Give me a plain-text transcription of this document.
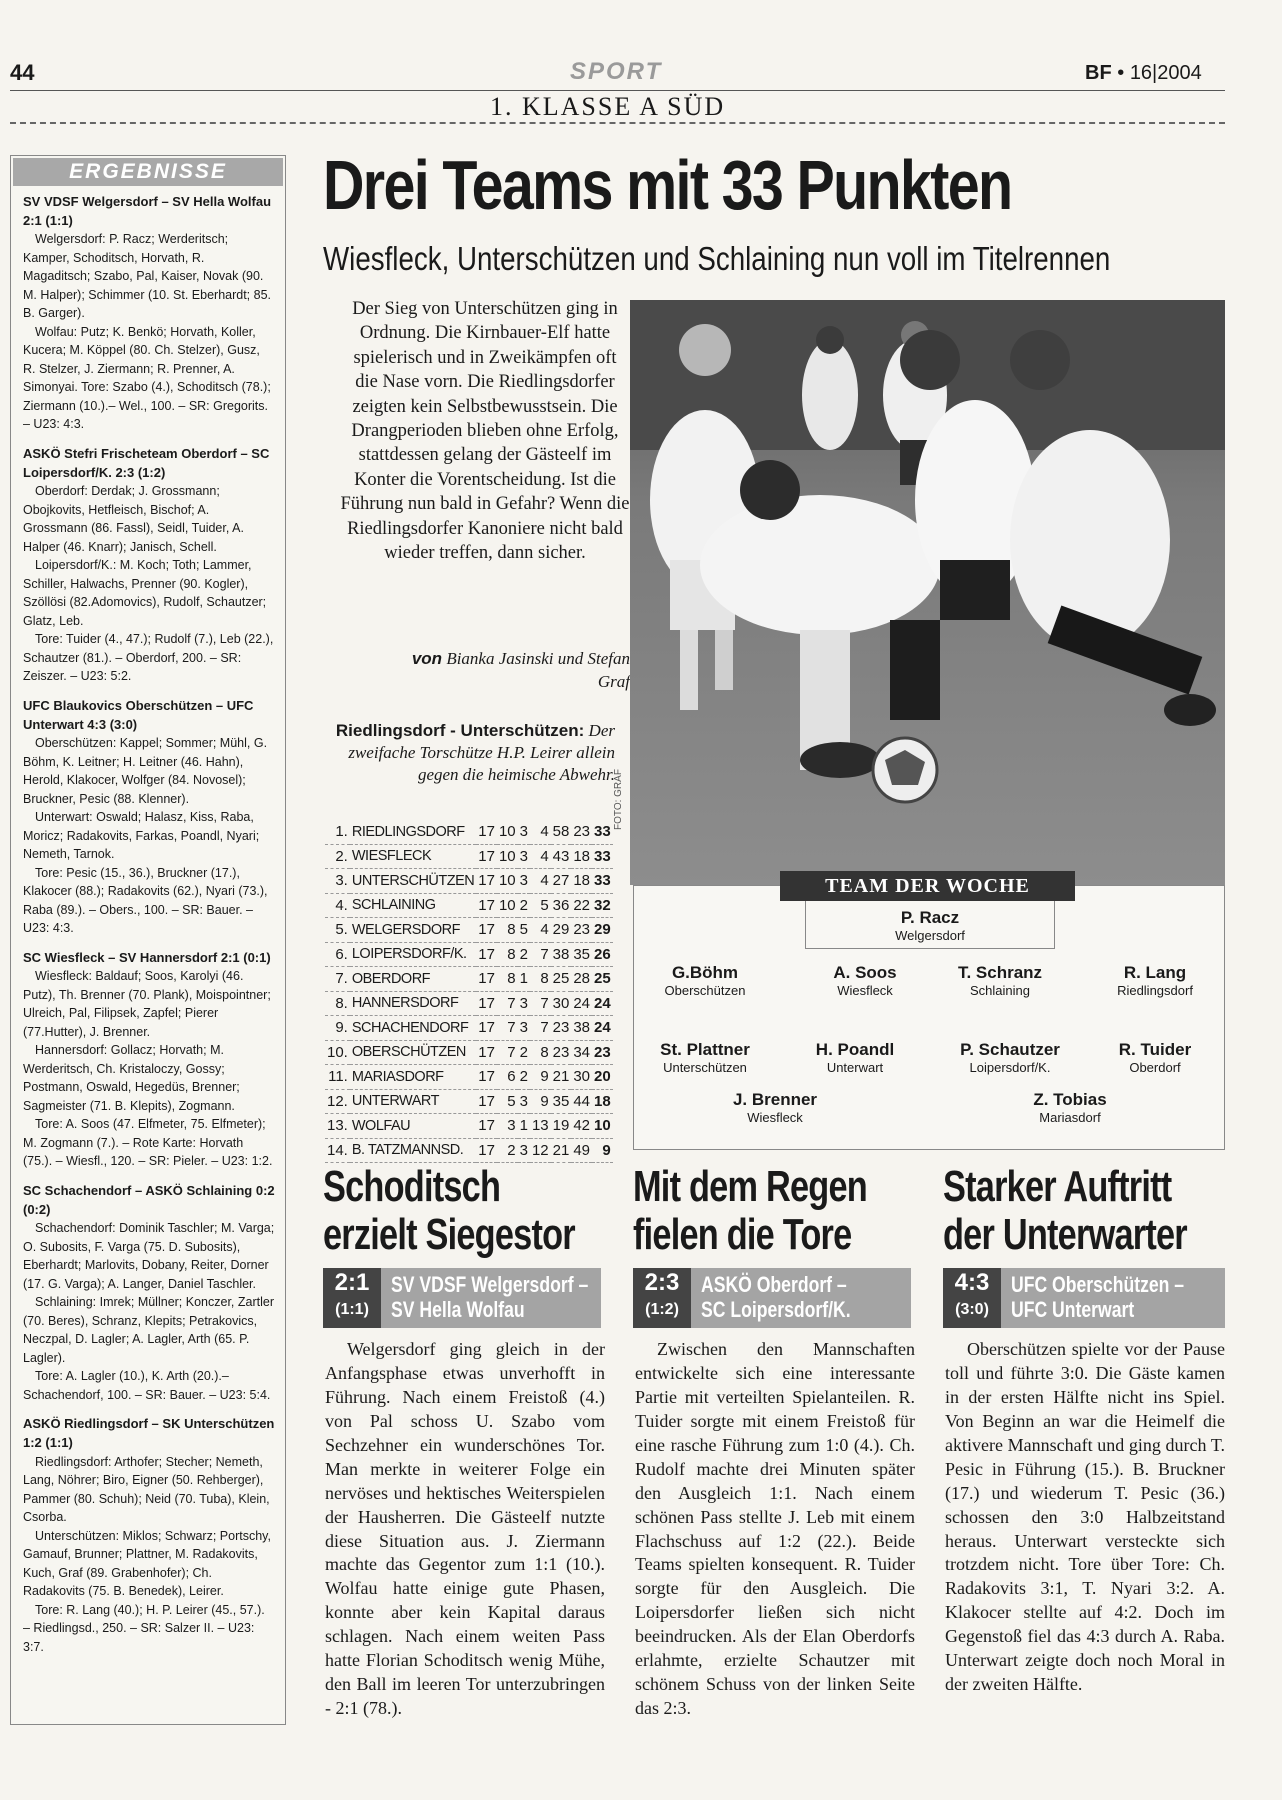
44	SPORT	BF • 16|2004
1. KLASSE A SÜD
ERGEBNISSE
SV VDSF Welgersdorf – SV Hella Wolfau 2:1 (1:1)

Welgersdorf: P. Racz; Werderitsch; Kamper, Schoditsch, Horvath, R. Magaditsch; Szabo, Pal, Kaiser, Novak (90. M. Halper); Schimmer (10. St. Eberhardt; 85. B. Garger).

Wolfau: Putz; K. Benkö; Horvath, Koller, Kucera; M. Köppel (80. Ch. Stelzer), Gusz, R. Stelzer, J. Ziermann; R. Prenner, A. Simonyai. Tore: Szabo (4.), Schoditsch (78.); Ziermann (10.).– Wel., 100. – SR: Gregorits. – U23: 4:3.

ASKÖ Stefri Frischeteam Oberdorf – SC Loipersdorf/K. 2:3 (1:2)

Oberdorf: Derdak; J. Grossmann; Obojkovits, Hetfleisch, Bischof; A. Grossmann (86. Fassl), Seidl, Tuider, A. Halper (46. Knarr); Janisch, Schell.

Loipersdorf/K.: M. Koch; Toth; Lammer, Schiller, Halwachs, Prenner (90. Kogler), Szöllösi (82.Adomovics), Rudolf, Schautzer; Glatz, Leb.

Tore: Tuider (4., 47.); Rudolf (7.), Leb (22.), Schautzer (81.). – Oberdorf, 200. – SR: Zeiszer. – U23: 5:2.

UFC Blaukovics Oberschützen – UFC Unterwart 4:3 (3:0)

Oberschützen: Kappel; Sommer; Mühl, G. Böhm, K. Leitner; H. Leitner (46. Hahn), Herold, Klakocer, Wolfger (84. Novosel); Bruckner, Pesic (88. Klenner).

Unterwart: Oswald; Halasz, Kiss, Raba, Moricz; Radakovits, Farkas, Poandl, Nyari; Nemeth, Tarnok.

Tore: Pesic (15., 36.), Bruckner (17.), Klakocer (88.); Radakovits (62.), Nyari (73.), Raba (89.). – Obers., 100. – SR: Bauer. – U23: 4:3.

SC Wiesfleck – SV Hannersdorf 2:1 (0:1)

Wiesfleck: Baldauf; Soos, Karolyi (46. Putz), Th. Brenner (70. Plank), Moispointner; Ulreich, Pal, Filipsek, Zapfel; Pierer (77.Hutter), J. Brenner.

Hannersdorf: Gollacz; Horvath; M. Werderitsch, Ch. Kristaloczy, Gossy; Postmann, Oswald, Hegedüs, Brenner; Sagmeister (71. B. Klepits), Zogmann.

Tore: A. Soos (47. Elfmeter, 75. Elfmeter); M. Zogmann (7.). – Rote Karte: Horvath (75.). – Wiesfl., 120. – SR: Pieler. – U23: 1:2.

SC Schachendorf – ASKÖ Schlaining 0:2 (0:2)

Schachendorf: Dominik Taschler; M. Varga; O. Subosits, F. Varga (75. D. Subosits), Eberhardt; Marlovits, Dobany, Reiter, Dorner (17. G. Varga); A. Langer, Daniel Taschler.

Schlaining: Imrek; Müllner; Konczer, Zartler (70. Beres), Schranz, Klepits; Petrakovics, Neczpal, D. Lagler; A. Lagler, Arth (65. P. Lagler).

Tore: A. Lagler (10.), K. Arth (20.).– Schachendorf, 100. – SR: Bauer. – U23: 5:4.

ASKÖ Riedlingsdorf – SK Unterschützen 1:2 (1:1)

Riedlingsdorf: Arthofer; Stecher; Nemeth, Lang, Nöhrer; Biro, Eigner (50. Rehberger), Pammer (80. Schuh); Neid (70. Tuba), Klein, Csorba.

Unterschützen: Miklos; Schwarz; Portschy, Gamauf, Brunner; Plattner, M. Radakovits, Kuch, Graf (89. Grabenhofer); Ch. Radakovits (75. B. Benedek), Leirer.

Tore: R. Lang (40.); H. P. Leirer (45., 57.). – Riedlingsd., 250. – SR: Salzer II. – U23: 3:7.

Drei Teams mit 33 Punkten
Wiesfleck, Unterschützen und Schlaining nun voll im Titelrennen
Der Sieg von Unterschützen ging in Ordnung. Die Kirnbauer-Elf hatte spielerisch und in Zweikämpfen oft die Nase vorn. Die Riedlingsdorfer zeigten kein Selbstbewusstsein. Die Drangperioden blieben ohne Erfolg, stattdessen gelang der Gästeelf im Konter die Vorentscheidung. Ist die Führung nun bald in Gefahr? Wenn die Riedlingsdorfer Kanoniere nicht bald wieder treffen, dann sicher.
von Bianka Jasinski und Stefan Graf
Riedlingsdorf - Unterschützen: Der zweifache Torschütze H.P. Leirer allein gegen die heimische Abwehr.
FOTO: GRAF
1.	RIEDLINGSDORF	17	10	3	4	58	23	33
2.	WIESFLECK	17	10	3	4	43	18	33
3.	UNTERSCHÜTZEN	17	10	3	4	27	18	33
4.	SCHLAINING	17	10	2	5	36	22	32
5.	WELGERSDORF	17	8	5	4	29	23	29
6.	LOIPERSDORF/K.	17	8	2	7	38	35	26
7.	OBERDORF	17	8	1	8	25	28	25
8.	HANNERSDORF	17	7	3	7	30	24	24
9.	SCHACHENDORF	17	7	3	7	23	38	24
10.	OBERSCHÜTZEN	17	7	2	8	23	34	23
11.	MARIASDORF	17	6	2	9	21	30	20
12.	UNTERWART	17	5	3	9	35	44	18
13.	WOLFAU	17	3	1	13	19	42	10
14.	B. TATZMANNSD.	17	2	3	12	21	49	9
TEAM DER WOCHE
P. Racz
Welgersdorf
G.Böhm
Oberschützen
A. Soos
Wiesfleck
T. Schranz
Schlaining
R. Lang
Riedlingsdorf
St. Plattner
Unterschützen
H. Poandl
Unterwart
P. Schautzer
Loipersdorf/K.
R. Tuider
Oberdorf
J. Brenner
Wiesfleck
Z. Tobias
Mariasdorf
Schoditsch
erzielt Siegestor
2:1
(1:1)
SV VDSF Welgersdorf –
SV Hella Wolfau

Welgersdorf ging gleich in der Anfangsphase etwas unverhofft in Führung. Nach einem Freistoß (4.) von Pal schoss U. Szabo vom Sechzehner ein wunderschönes Tor. Man merkte in weiterer Folge ein nervöses und hektisches Weiterspielen der Hausherren. Die Gästeelf nutzte diese Situation aus. J. Ziermann machte das Gegentor zum 1:1 (10.). Wolfau hatte einige gute Phasen, konnte aber kein Kapital daraus schlagen. Nach einem weiten Pass hatte Florian Schoditsch wenig Mühe, den Ball im leeren Tor unterzubringen - 2:1 (78.).

Mit dem Regen
fielen die Tore
2:3
(1:2)
ASKÖ Oberdorf –
SC Loipersdorf/K.

Zwischen den Mannschaften entwickelte sich eine interessante Partie mit verteilten Spielanteilen. R. Tuider sorgte mit einem Freistoß für eine rasche Führung zum 1:0 (4.). Ch. Rudolf machte drei Minuten später den Ausgleich 1:1. Nach einem schönen Pass stellte J. Leb mit einem Flachschuss auf 1:2 (22.). Beide Teams spielten konsequent. R. Tuider sorgte für den Ausgleich. Die Loipersdorfer ließen sich nicht beeindrucken. Als der Elan Oberdorfs erlahmte, erzielte Schautzer mit schönem Schuss von der linken Seite das 2:3.

Starker Auftritt
der Unterwarter
4:3
(3:0)
UFC Oberschützen –
UFC Unterwart

Oberschützen spielte vor der Pause toll und führte 3:0. Die Gäste kamen in der ersten Hälfte nicht ins Spiel. Von Beginn an war die Heimelf die aktivere Mannschaft und ging durch T. Pesic in Führung (15.). B. Bruckner (17.) und wiederum T. Pesic (36.) schossen den 3:0 Halbzeitstand heraus. Unterwart versteckte sich trotzdem nicht. Tore über Tore: Ch. Radakovits 3:1, T. Nyari 3:2. A. Klakocer stellte auf 4:2. Doch im Gegenstoß fiel das 4:3 durch A. Raba. Unterwart zeigte doch noch Moral in der zweiten Hälfte.
